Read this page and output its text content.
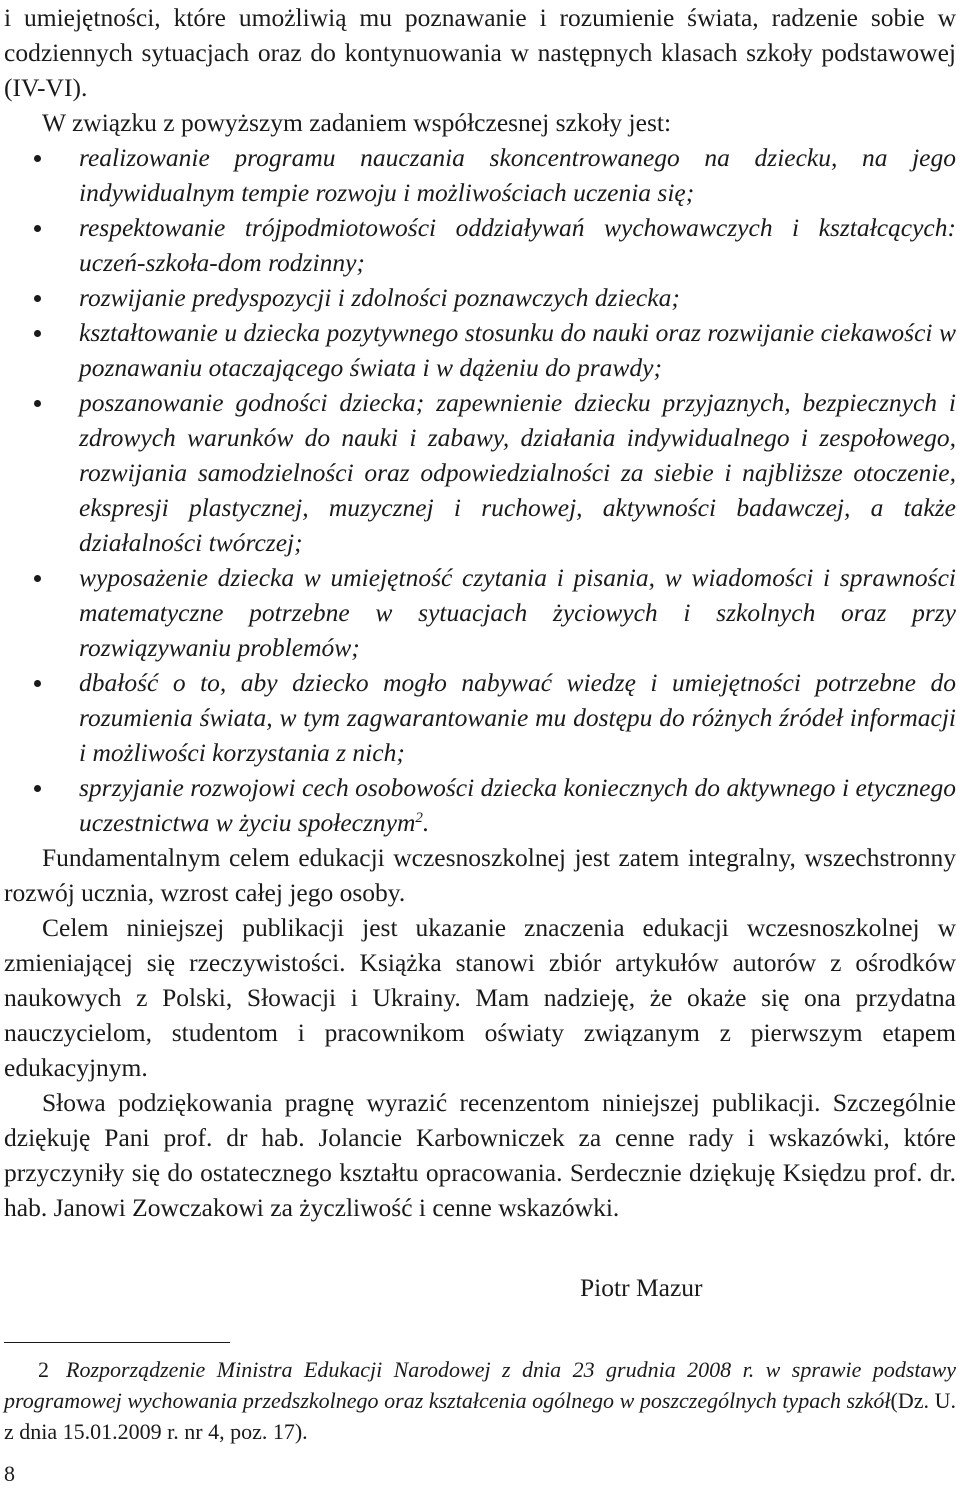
i umiejętności, które umożliwią mu poznawanie i rozumienie świata, radzenie sobie w codziennych sytuacjach oraz do kontynuowania w następnych klasach szkoły podstawowej (IV-VI).

W związku z powyższym zadaniem współczesnej szkoły jest:

realizowanie programu nauczania skoncentrowanego na dziecku, na jego indywidualnym tempie rozwoju i możliwościach uczenia się;
respektowanie trójpodmiotowości oddziaływań wychowawczych i kształcących: uczeń-szkoła-dom rodzinny;
rozwijanie predyspozycji i zdolności poznawczych dziecka;
kształtowanie u dziecka pozytywnego stosunku do nauki oraz rozwijanie ciekawości w poznawaniu otaczającego świata i w dążeniu do prawdy;
poszanowanie godności dziecka; zapewnienie dziecku przyjaznych, bezpiecznych i zdrowych warunków do nauki i zabawy, działania indywidualnego i zespołowego, rozwijania samodzielności oraz odpowiedzialności za siebie i najbliższe otoczenie, ekspresji plastycznej, muzycznej i ruchowej, aktywności badawczej, a także działalności twórczej;
wyposażenie dziecka w umiejętność czytania i pisania, w wiadomości i sprawności matematyczne potrzebne w sytuacjach życiowych i szkolnych oraz przy rozwiązywaniu problemów;
dbałość o to, aby dziecko mogło nabywać wiedzę i umiejętności potrzebne do rozumienia świata, w tym zagwarantowanie mu dostępu do różnych źródeł informacji i możliwości korzystania z nich;
sprzyjanie rozwojowi cech osobowości dziecka koniecznych do aktywnego i etycznego uczestnictwa w życiu społecznym$^2$.

Fundamentalnym celem edukacji wczesnoszkolnej jest zatem integralny, wszechstronny rozwój ucznia, wzrost całej jego osoby.

Celem niniejszej publikacji jest ukazanie znaczenia edukacji wczesnoszkolnej w zmieniającej się rzeczywistości. Książka stanowi zbiór artykułów autorów z ośrodków naukowych z Polski, Słowacji i Ukrainy. Mam nadzieję, że okaże się ona przydatna nauczycielom, studentom i pracownikom oświaty związanym z pierwszym etapem edukacyjnym.

Słowa podziękowania pragnę wyrazić recenzentom niniejszej publikacji. Szczególnie dziękuję Pani prof. dr hab. Jolancie Karbowniczek za cenne rady i wskazówki, które przyczyniły się do ostatecznego kształtu opracowania. Serdecznie dziękuję Księdzu prof. dr. hab. Janowi Zowczakowi za życzliwość i cenne wskazówki.

Piotr Mazur
2 Rozporządzenie Ministra Edukacji Narodowej z dnia 23 grudnia 2008 r. w sprawie podstawy programowej wychowania przedszkolnego oraz kształcenia ogólnego w poszczególnych typach szkół(Dz. U. z dnia 15.01.2009 r. nr 4, poz. 17).
8
